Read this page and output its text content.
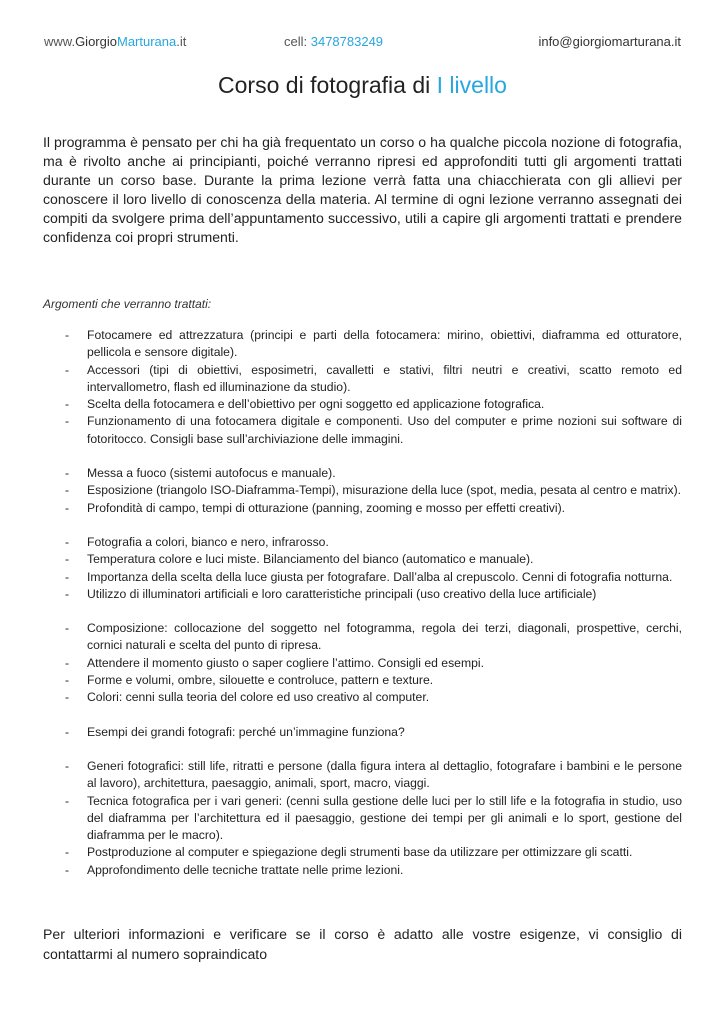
www.GiorgioMarturana.it	cell: 3478783249	info@giorgiomarturana.it
Corso di fotografia di I livello

Il programma è pensato per chi ha già frequentato un corso o ha qualche piccola nozione di fotografia, ma è rivolto anche ai principianti, poiché verranno ripresi ed approfonditi tutti gli argomenti trattati durante un corso base. Durante la prima lezione verrà fatta una chiacchierata con gli allievi per conoscere il loro livello di conoscenza della materia. Al termine di ogni lezione verranno assegnati dei compiti da svolgere prima dell’appuntamento successivo, utili a capire gli argomenti trattati e prendere confidenza coi propri strumenti.

Argomenti che verranno trattati:

- Fotocamere ed attrezzatura (principi e parti della fotocamera: mirino, obiettivi, diaframma ed otturatore, pellicola e sensore digitale).
- Accessori (tipi di obiettivi, esposimetri, cavalletti e stativi, filtri neutri e creativi, scatto remoto ed intervallometro, flash ed illuminazione da studio).
- Scelta della fotocamera e dell’obiettivo per ogni soggetto ed applicazione fotografica.
- Funzionamento di una fotocamera digitale e componenti. Uso del computer e prime nozioni sui software di fotoritocco. Consigli base sull’archiviazione delle immagini.
- Messa a fuoco (sistemi autofocus e manuale).
- Esposizione (triangolo ISO-Diaframma-Tempi), misurazione della luce (spot, media, pesata al centro e matrix).
- Profondità di campo, tempi di otturazione (panning, zooming e mosso per effetti creativi).
- Fotografia a colori, bianco e nero, infrarosso.
- Temperatura colore e luci miste. Bilanciamento del bianco (automatico e manuale).
- Importanza della scelta della luce giusta per fotografare. Dall’alba al crepuscolo. Cenni di fotografia notturna.
- Utilizzo di illuminatori artificiali e loro caratteristiche principali (uso creativo della luce artificiale)
- Composizione: collocazione del soggetto nel fotogramma, regola dei terzi, diagonali, prospettive, cerchi, cornici naturali e scelta del punto di ripresa.
- Attendere il momento giusto o saper cogliere l’attimo. Consigli ed esempi.
- Forme e volumi, ombre, silouette e controluce, pattern e texture.
- Colori: cenni sulla teoria del colore ed uso creativo al computer.
- Esempi dei grandi fotografi: perché un’immagine funziona?
- Generi fotografici: still life, ritratti e persone (dalla figura intera al dettaglio, fotografare i bambini e le persone al lavoro), architettura, paesaggio, animali, sport, macro, viaggi.
- Tecnica fotografica per i vari generi: (cenni sulla gestione delle luci per lo still life e la fotografia in studio, uso del diaframma per l’architettura ed il paesaggio, gestione dei tempi per gli animali e lo sport, gestione del diaframma per le macro).
- Postproduzione al computer e spiegazione degli strumenti base da utilizzare per ottimizzare gli scatti.
- Approfondimento delle tecniche trattate nelle prime lezioni.

Per ulteriori informazioni e verificare se il corso è adatto alle vostre esigenze, vi consiglio di contattarmi al numero sopraindicato
